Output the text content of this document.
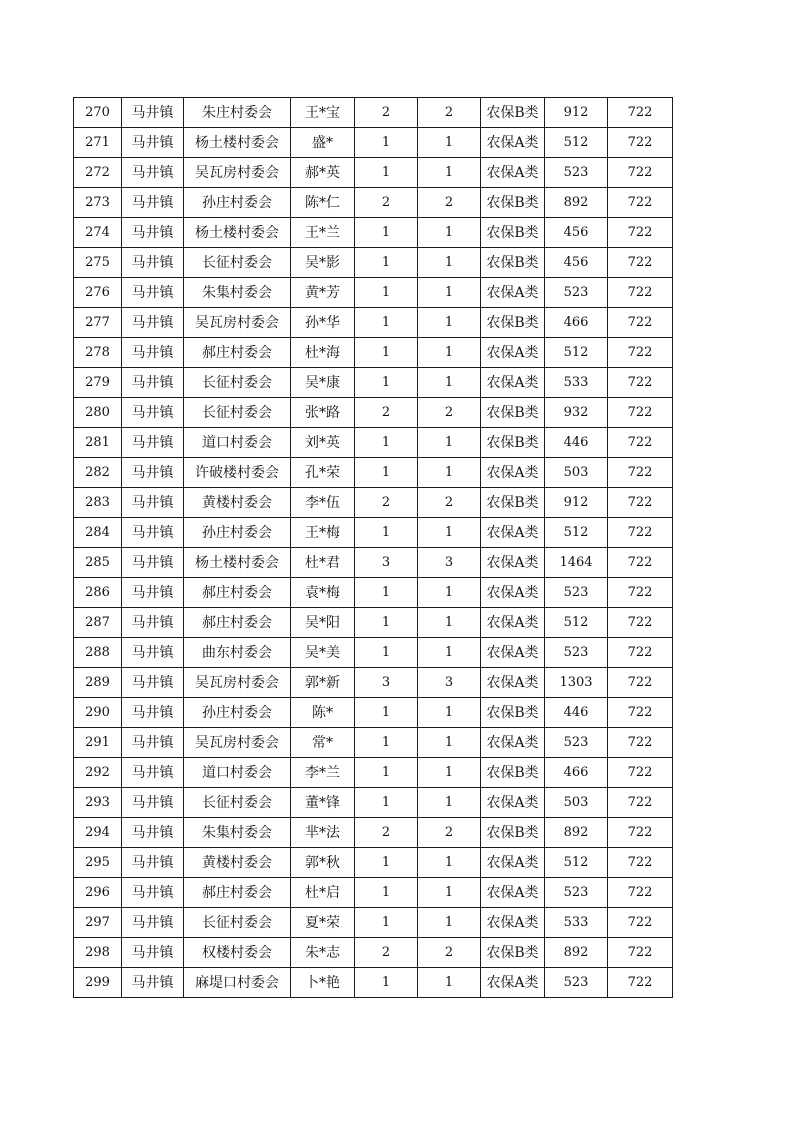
270	马井镇	朱庄村委会	王*宝	2	2	农保B类	912	722
271	马井镇	杨土楼村委会	盛*	1	1	农保A类	512	722
272	马井镇	吴瓦房村委会	郝*英	1	1	农保A类	523	722
273	马井镇	孙庄村委会	陈*仁	2	2	农保B类	892	722
274	马井镇	杨土楼村委会	王*兰	1	1	农保B类	456	722
275	马井镇	长征村委会	吴*影	1	1	农保B类	456	722
276	马井镇	朱集村委会	黄*芳	1	1	农保A类	523	722
277	马井镇	吴瓦房村委会	孙*华	1	1	农保B类	466	722
278	马井镇	郝庄村委会	杜*海	1	1	农保A类	512	722
279	马井镇	长征村委会	吴*康	1	1	农保A类	533	722
280	马井镇	长征村委会	张*路	2	2	农保B类	932	722
281	马井镇	道口村委会	刘*英	1	1	农保B类	446	722
282	马井镇	许破楼村委会	孔*荣	1	1	农保A类	503	722
283	马井镇	黄楼村委会	李*伍	2	2	农保B类	912	722
284	马井镇	孙庄村委会	王*梅	1	1	农保A类	512	722
285	马井镇	杨土楼村委会	杜*君	3	3	农保A类	1464	722
286	马井镇	郝庄村委会	袁*梅	1	1	农保A类	523	722
287	马井镇	郝庄村委会	吴*阳	1	1	农保A类	512	722
288	马井镇	曲东村委会	吴*美	1	1	农保A类	523	722
289	马井镇	吴瓦房村委会	郭*新	3	3	农保A类	1303	722
290	马井镇	孙庄村委会	陈*	1	1	农保B类	446	722
291	马井镇	吴瓦房村委会	常*	1	1	农保A类	523	722
292	马井镇	道口村委会	李*兰	1	1	农保B类	466	722
293	马井镇	长征村委会	董*锋	1	1	农保A类	503	722
294	马井镇	朱集村委会	芈*法	2	2	农保B类	892	722
295	马井镇	黄楼村委会	郭*秋	1	1	农保A类	512	722
296	马井镇	郝庄村委会	杜*启	1	1	农保A类	523	722
297	马井镇	长征村委会	夏*荣	1	1	农保A类	533	722
298	马井镇	权楼村委会	朱*志	2	2	农保B类	892	722
299	马井镇	麻堤口村委会	卜*艳	1	1	农保A类	523	722
